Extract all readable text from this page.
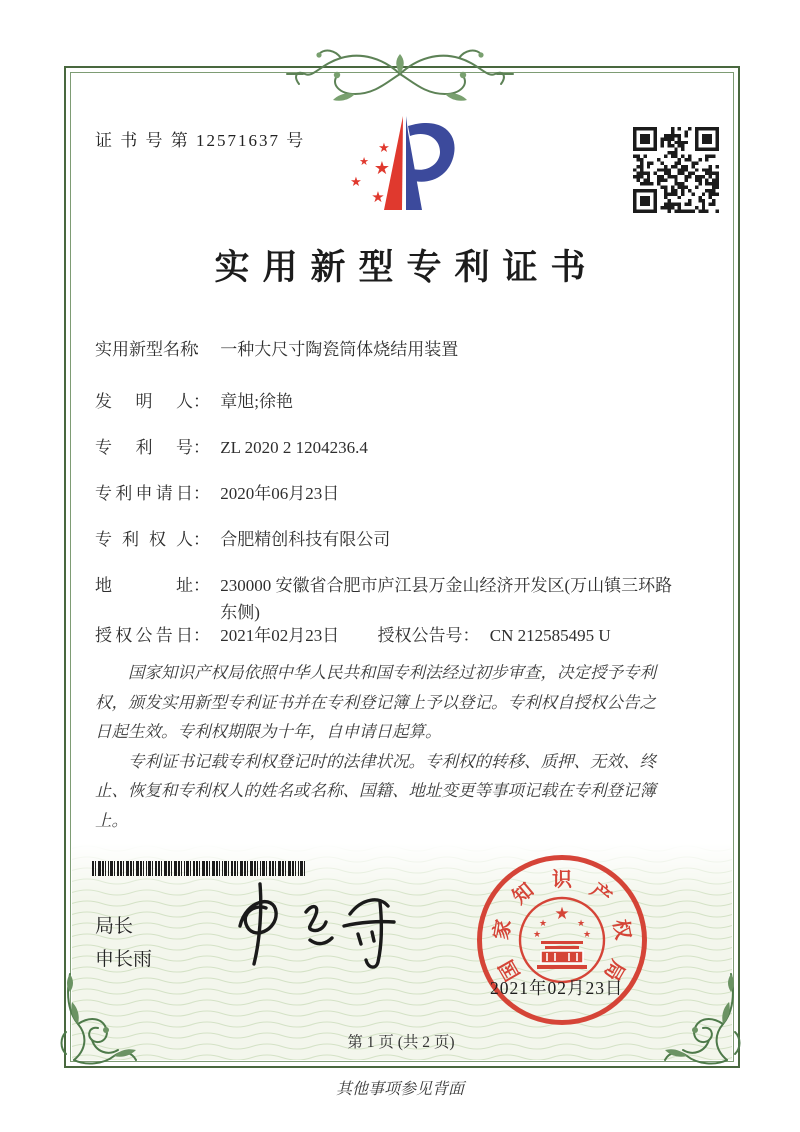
证 书 号 第 12571637 号	★
★ ★
★
★
实用新型专利证书
实用新型名称： 一种大尺寸陶瓷筒体烧结用装置
发明人： 章旭;徐艳
专利号： ZL 2020 2 1204236.4
专利申请日： 2020年06月23日
专利权人： 合肥精创科技有限公司
地址： 230000 安徽省合肥市庐江县万金山经济开发区(万山镇三环路东侧)
授权公告日： 2021年02月23日 授权公告号： CN 212585495 U

国家知识产权局依照中华人民共和国专利法经过初步审查，决定授予专利权，颁发实用新型专利证书并在专利登记簿上予以登记。专利权自授权公告之日起生效。专利权期限为十年，自申请日起算。

专利证书记载专利权登记时的法律状况。专利权的转移、质押、无效、终止、恢复和专利权人的姓名或名称、国籍、地址变更等事项记载在专利登记簿上。

局长
申长雨
★
★	★
★	★
国
家
知 识 产
权
局
2021年02月23日
第 1 页 (共 2 页)
其他事项参见背面
